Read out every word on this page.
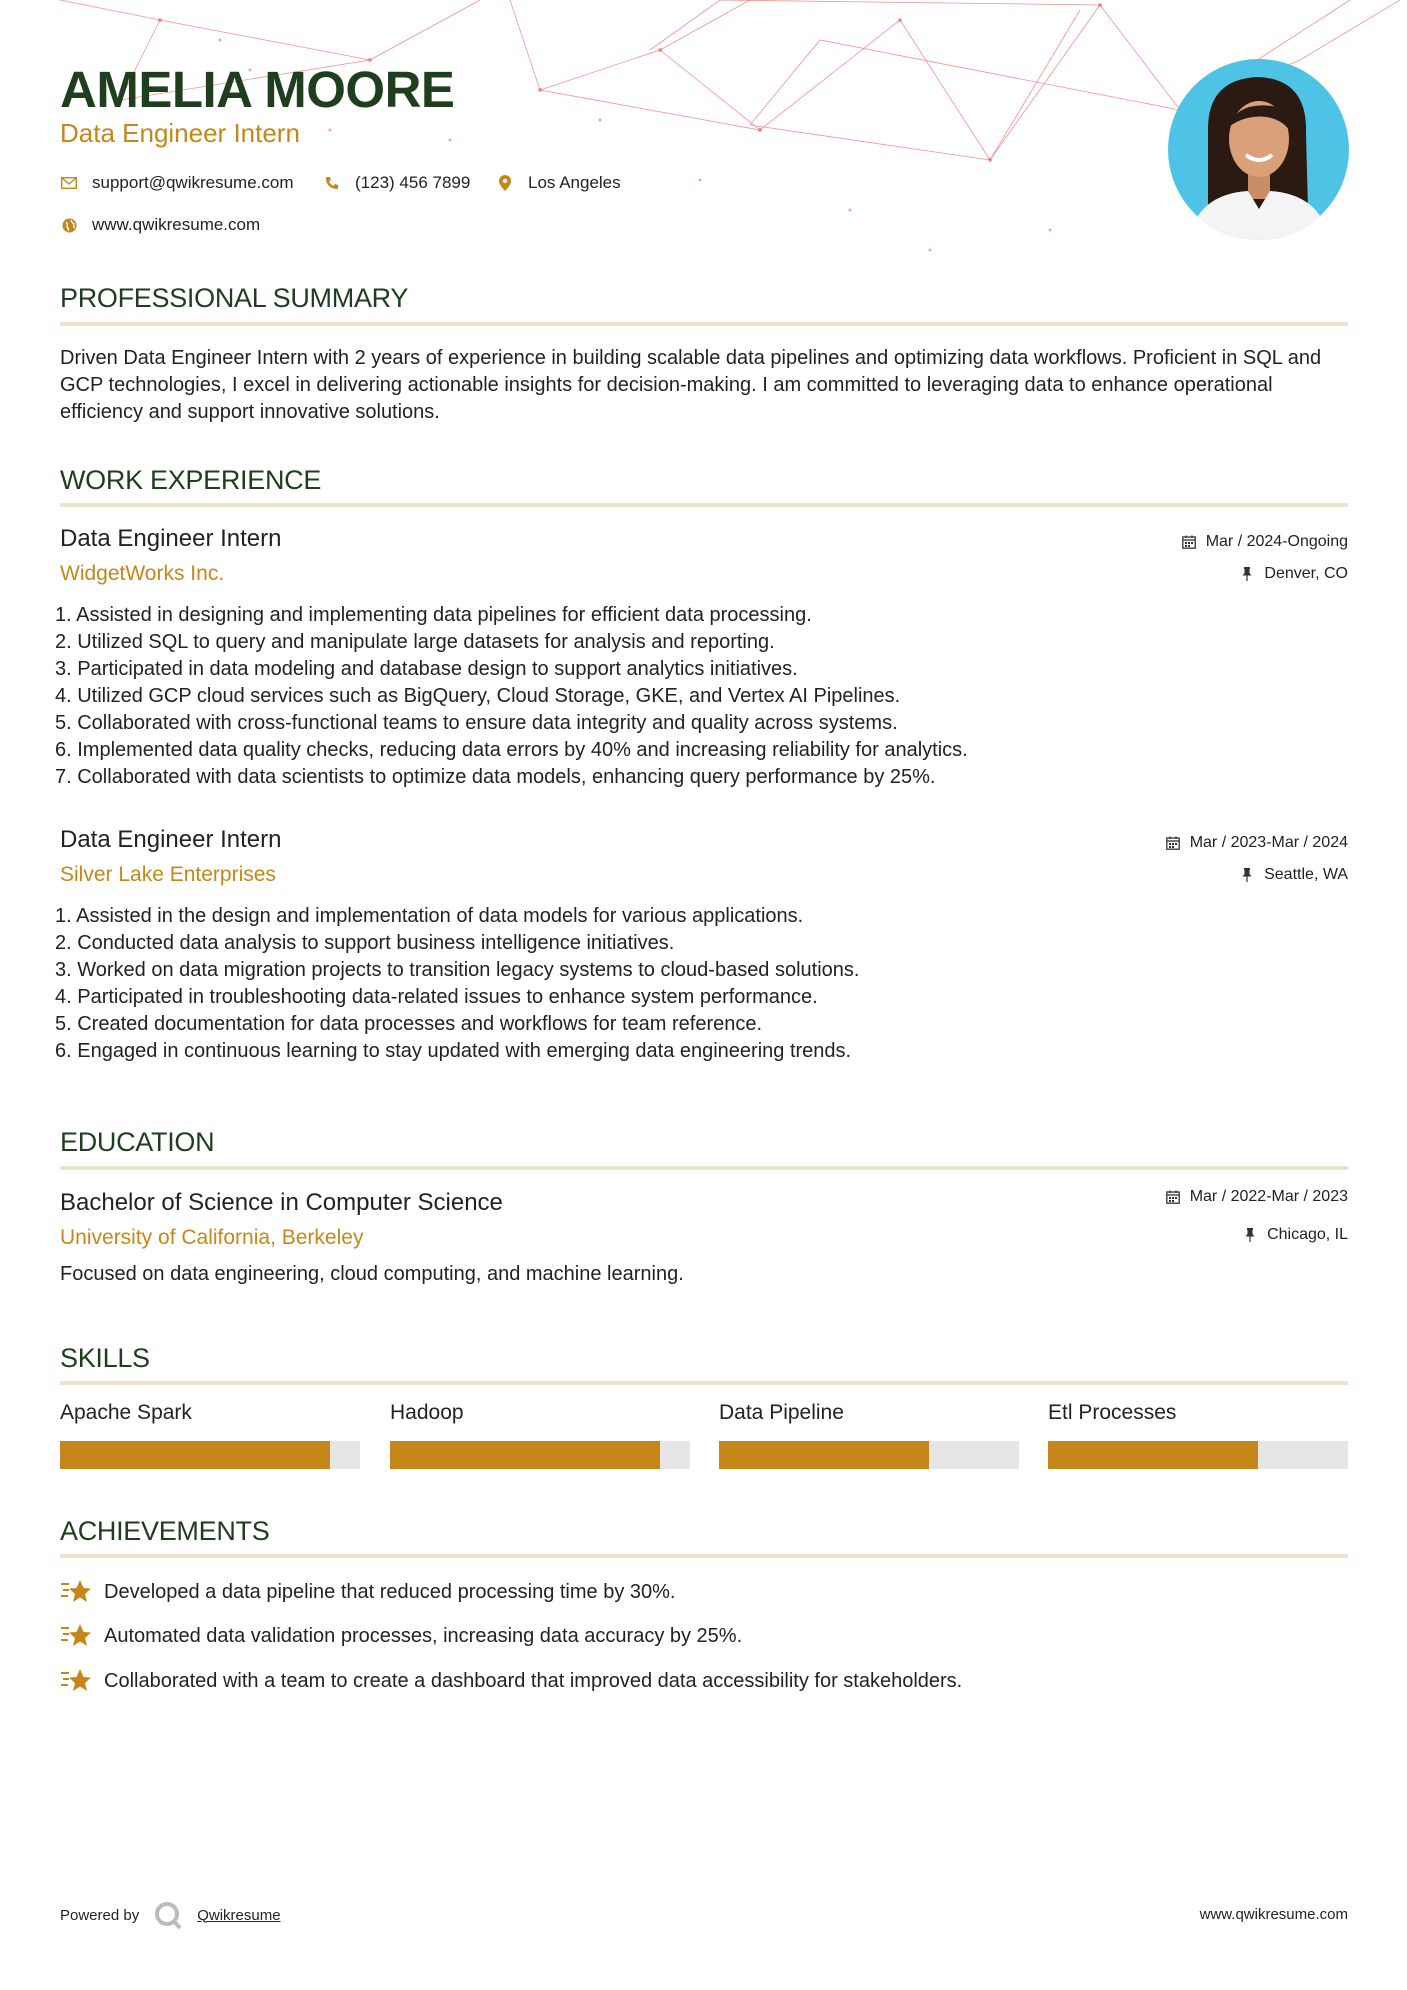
AMELIA MOORE
Data Engineer Intern
support@qwikresume.com	(123) 456 7899	Los Angeles
www.qwikresume.com
PROFESSIONAL SUMMARY
Driven Data Engineer Intern with 2 years of experience in building scalable data pipelines and optimizing data workflows. Proficient in SQL and GCP technologies, I excel in delivering actionable insights for decision-making. I am committed to leveraging data to enhance operational efficiency and support innovative solutions.
WORK EXPERIENCE
Data Engineer Intern
WidgetWorks Inc.
Mar / 2024-Ongoing
Denver, CO
1. Assisted in designing and implementing data pipelines for efficient data processing.
2. Utilized SQL to query and manipulate large datasets for analysis and reporting.
3. Participated in data modeling and database design to support analytics initiatives.
4. Utilized GCP cloud services such as BigQuery, Cloud Storage, GKE, and Vertex AI Pipelines.
5. Collaborated with cross-functional teams to ensure data integrity and quality across systems.
6. Implemented data quality checks, reducing data errors by 40% and increasing reliability for analytics.
7. Collaborated with data scientists to optimize data models, enhancing query performance by 25%.
Data Engineer Intern
Silver Lake Enterprises
Mar / 2023-Mar / 2024
Seattle, WA
1. Assisted in the design and implementation of data models for various applications.
2. Conducted data analysis to support business intelligence initiatives.
3. Worked on data migration projects to transition legacy systems to cloud-based solutions.
4. Participated in troubleshooting data-related issues to enhance system performance.
5. Created documentation for data processes and workflows for team reference.
6. Engaged in continuous learning to stay updated with emerging data engineering trends.
EDUCATION
Bachelor of Science in Computer Science
University of California, Berkeley
Mar / 2022-Mar / 2023
Chicago, IL
Focused on data engineering, cloud computing, and machine learning.
SKILLS
Apache Spark	Hadoop	Data Pipeline	Etl Processes
ACHIEVEMENTS
Developed a data pipeline that reduced processing time by 30%.
Automated data validation processes, increasing data accuracy by 25%.
Collaborated with a team to create a dashboard that improved data accessibility for stakeholders.
Powered by	Qwikresume	www.qwikresume.com
